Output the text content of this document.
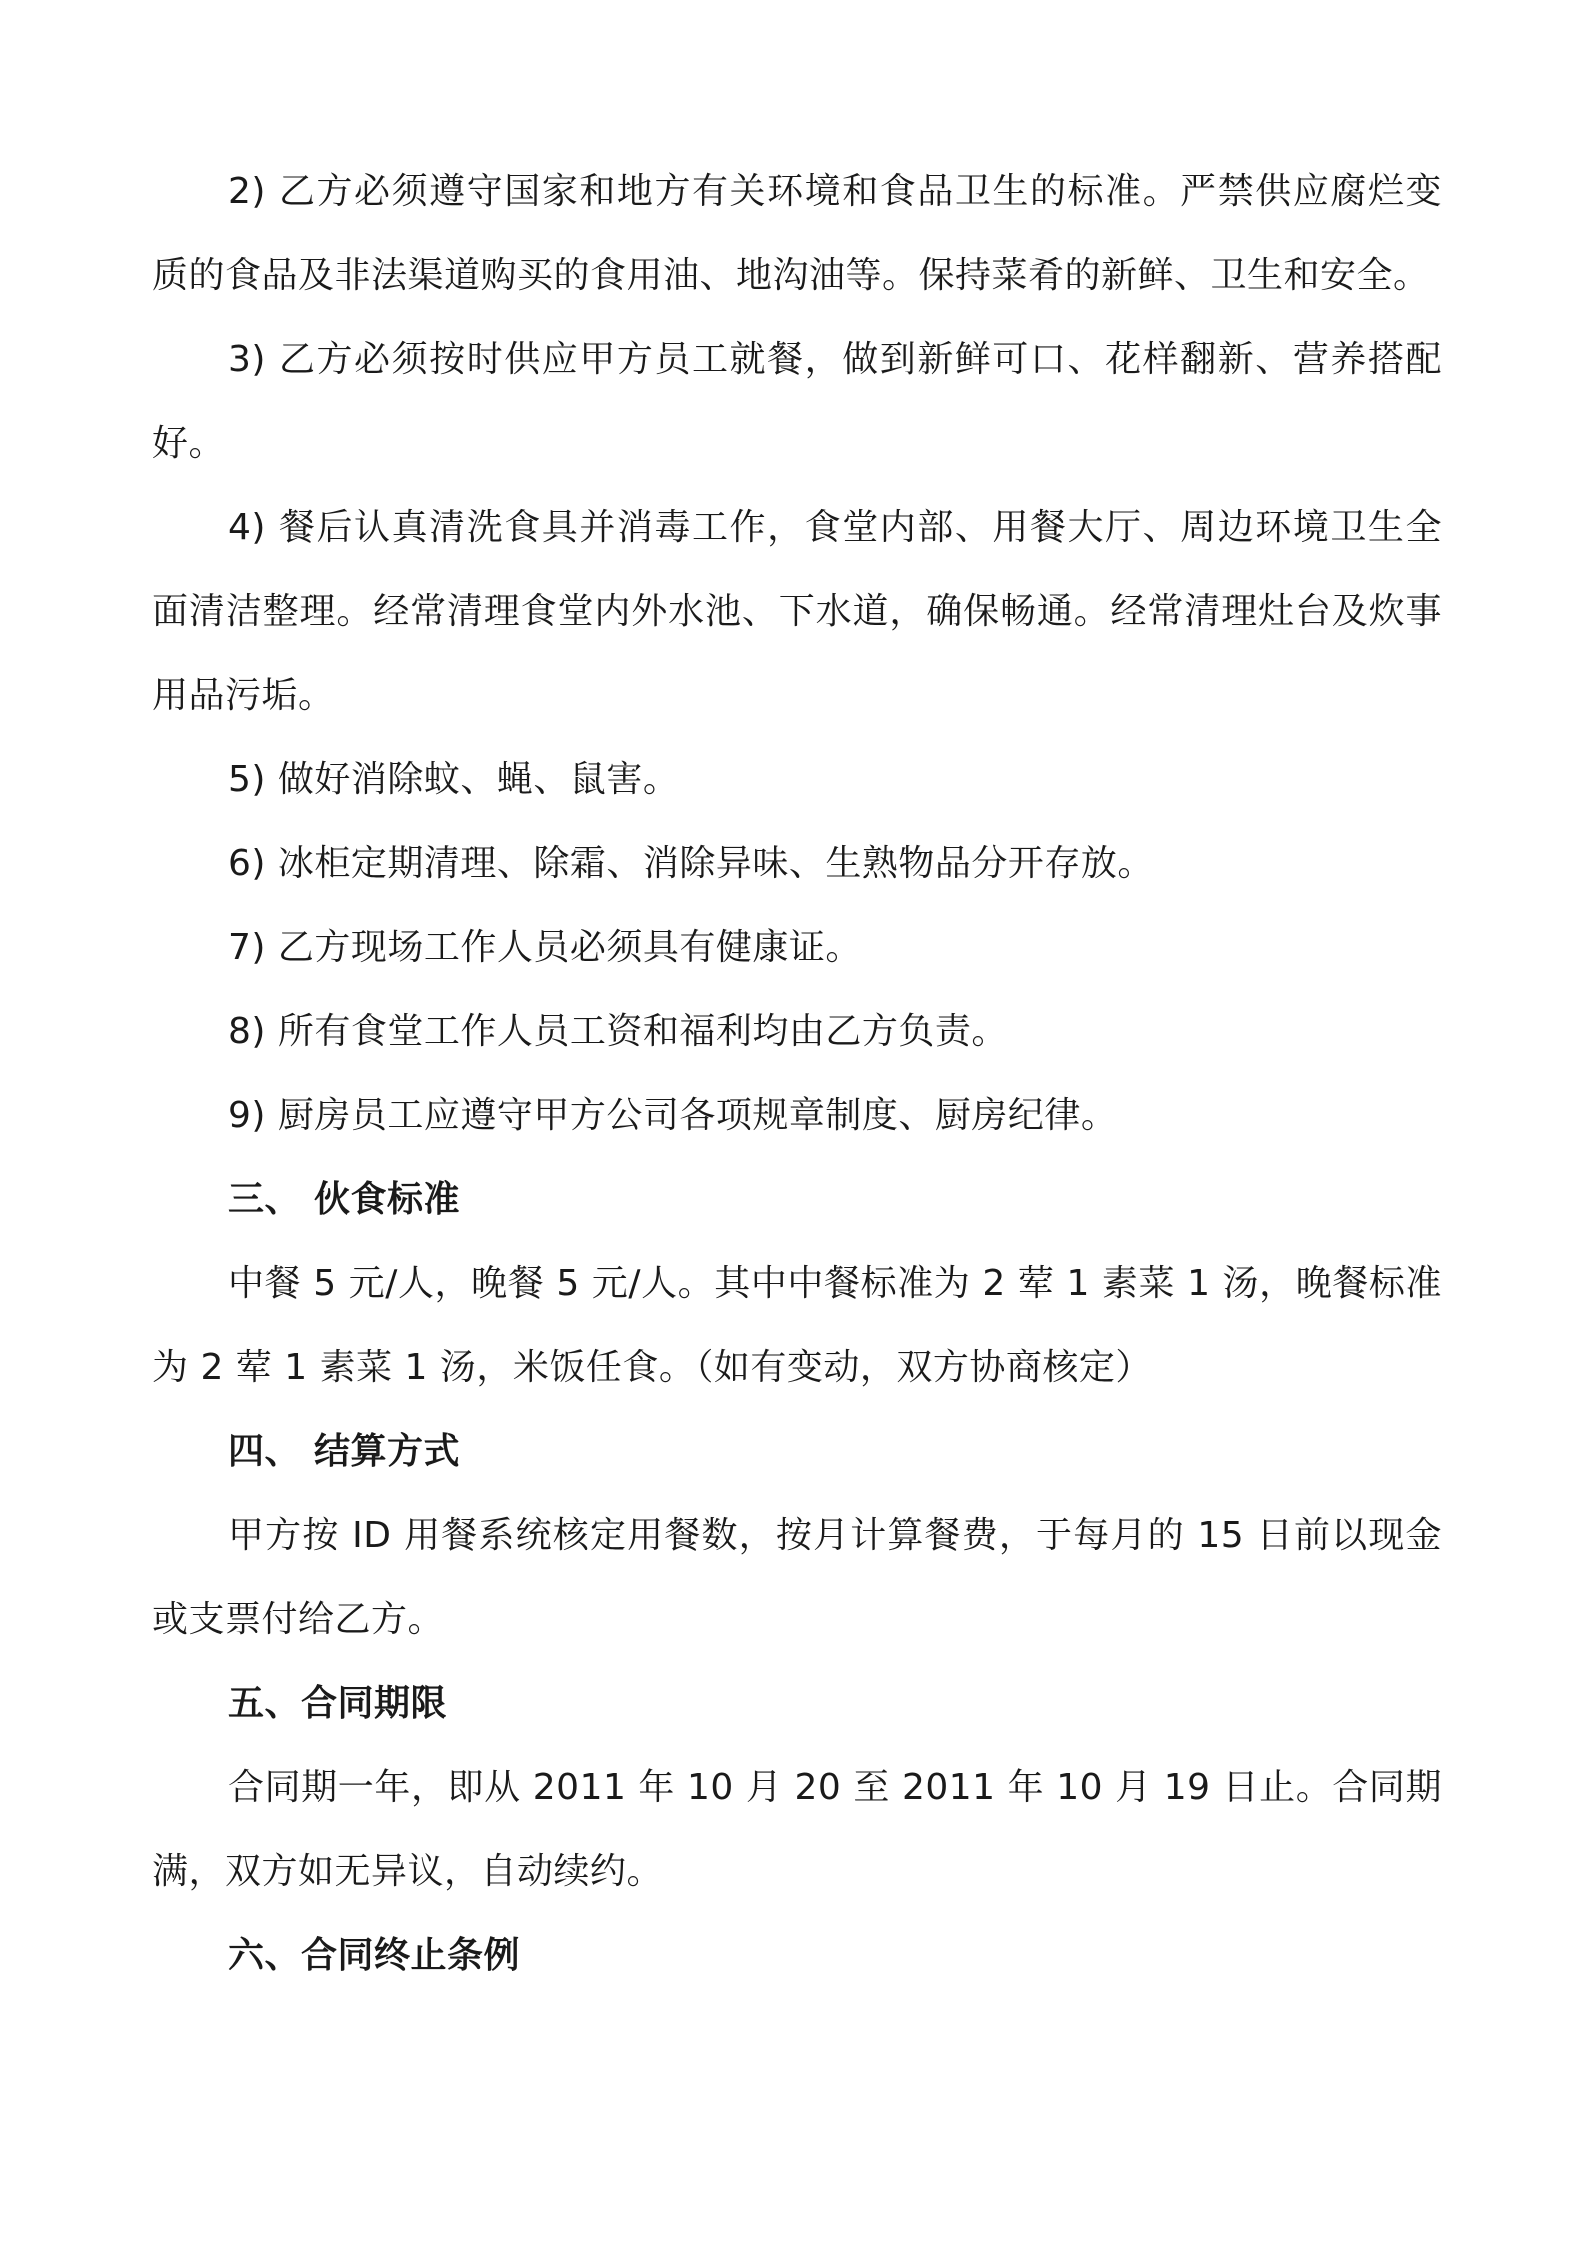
2) 乙方必须遵守国家和地方有关环境和食品卫生的标准。严禁供应腐烂变质的食品及非法渠道购买的食用油、地沟油等。保持菜肴的新鲜、卫生和安全。

3) 乙方必须按时供应甲方员工就餐，做到新鲜可口、花样翻新、营养搭配好。

4) 餐后认真清洗食具并消毒工作，食堂内部、用餐大厅、周边环境卫生全面清洁整理。经常清理食堂内外水池、下水道，确保畅通。经常清理灶台及炊事用品污垢。

5) 做好消除蚊、蝇、鼠害。

6) 冰柜定期清理、除霜、消除异味、生熟物品分开存放。

7) 乙方现场工作人员必须具有健康证。

8) 所有食堂工作人员工资和福利均由乙方负责。

9) 厨房员工应遵守甲方公司各项规章制度、厨房纪律。

三、 伙食标准

中餐 5 元/人，晚餐 5 元/人。其中中餐标准为 2 荤 1 素菜 1 汤，晚餐标准为 2 荤 1 素菜 1 汤，米饭任食。（如有变动，双方协商核定）

四、 结算方式

甲方按 ID 用餐系统核定用餐数，按月计算餐费，于每月的 15 日前以现金或支票付给乙方。

五、合同期限

合同期一年，即从 2011 年 10 月 20 至 2011 年 10 月 19 日止。合同期满，双方如无异议，自动续约。

六、合同终止条例
